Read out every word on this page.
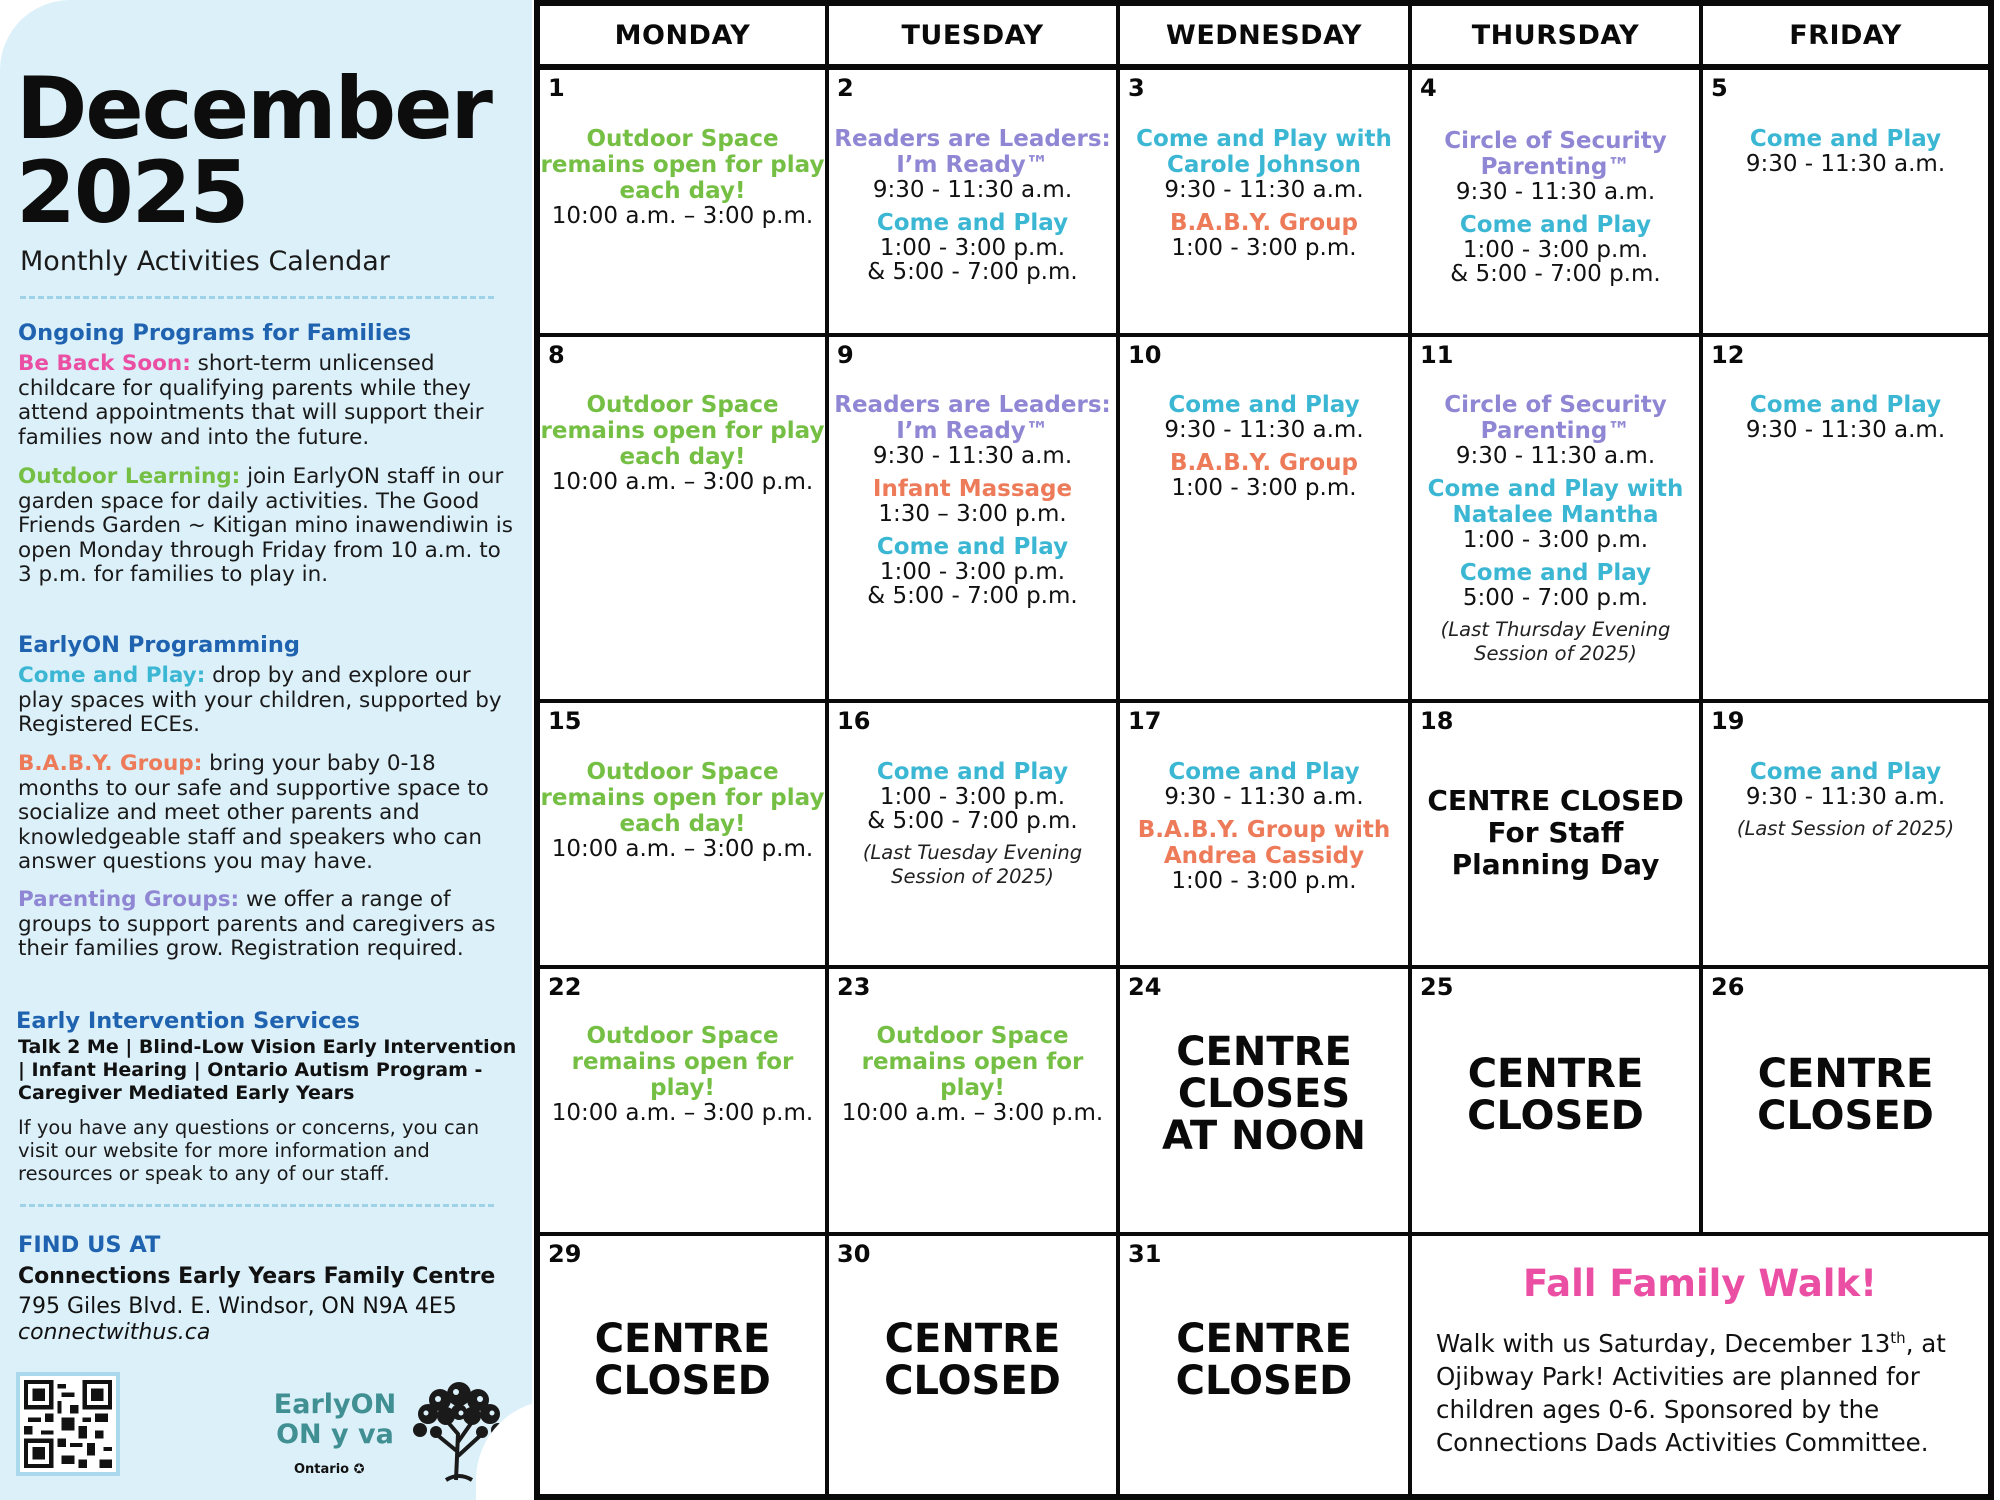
December
2025
Monthly Activities Calendar
Ongoing Programs for Families
Be Back Soon: short-term unlicensed childcare for qualifying parents while they attend appointments that will support their families now and into the future.
Outdoor Learning: join EarlyON staff in our garden space for daily activities. The Good Friends Garden ~ Kitigan mino inawendiwin is open Monday through Friday from 10 a.m. to 3 p.m. for families to play in.
EarlyON Programming
Come and Play: drop by and explore our play spaces with your children, supported by Registered ECEs.
B.A.B.Y. Group: bring your baby 0-18 months to our safe and supportive space to socialize and meet other parents and knowledgeable staff and speakers who can answer questions you may have.
Parenting Groups: we offer a range of groups to support parents and caregivers as their families grow. Registration required.
Early Intervention Services
Talk 2 Me | Blind-Low Vision Early Intervention | Infant Hearing | Ontario Autism Program - Caregiver Mediated Early Years
If you have any questions or concerns, you can visit our website for more information and resources or speak to any of our staff.
FIND US AT
Connections Early Years Family Centre
795 Giles Blvd. E. Windsor, ON N9A 4E5
connectwithus.ca
EarlyON
ON y va
Ontario ✪
MONDAY	TUESDAY	WEDNESDAY	THURSDAY	FRIDAY
1
Outdoor Space remains open for play each day!
10:00 a.m. – 3:00 p.m.
2
Readers are Leaders: I’m Ready™
9:30 - 11:30 a.m.
Come and Play
1:00 - 3:00 p.m.
& 5:00 - 7:00 p.m.
3
Come and Play with Carole Johnson
9:30 - 11:30 a.m.
B.A.B.Y. Group
1:00 - 3:00 p.m.
4
Circle of Security Parenting™
9:30 - 11:30 a.m.
Come and Play
1:00 - 3:00 p.m.
& 5:00 - 7:00 p.m.
5
Come and Play
9:30 - 11:30 a.m.
8
Outdoor Space remains open for play each day!
10:00 a.m. – 3:00 p.m.
9
Readers are Leaders: I’m Ready™
9:30 - 11:30 a.m.
Infant Massage
1:30 – 3:00 p.m.
Come and Play
1:00 - 3:00 p.m.
& 5:00 - 7:00 p.m.
10
Come and Play
9:30 - 11:30 a.m.
B.A.B.Y. Group
1:00 - 3:00 p.m.
11
Circle of Security Parenting™
9:30 - 11:30 a.m.
Come and Play with Natalee Mantha
1:00 - 3:00 p.m.
Come and Play
5:00 - 7:00 p.m.
(Last Thursday Evening Session of 2025)
12
Come and Play
9:30 - 11:30 a.m.
15
Outdoor Space remains open for play each day!
10:00 a.m. – 3:00 p.m.
16
Come and Play
1:00 - 3:00 p.m.
& 5:00 - 7:00 p.m.
(Last Tuesday Evening Session of 2025)
17
Come and Play
9:30 - 11:30 a.m.
B.A.B.Y. Group with Andrea Cassidy
1:00 - 3:00 p.m.
18
CENTRE CLOSED
For Staff
Planning Day
19
Come and Play
9:30 - 11:30 a.m.
(Last Session of 2025)
22
Outdoor Space remains open for play!
10:00 a.m. – 3:00 p.m.
23
Outdoor Space remains open for play!
10:00 a.m. – 3:00 p.m.
24
CENTRE
CLOSES
AT NOON
25
CENTRE
CLOSED
26
CENTRE
CLOSED
29
CENTRE
CLOSED
30
CENTRE
CLOSED
31
CENTRE
CLOSED
Fall Family Walk!
Walk with us Saturday, December 13th, at Ojibway Park! Activities are planned for children ages 0-6. Sponsored by the Connections Dads Activities Committee.
